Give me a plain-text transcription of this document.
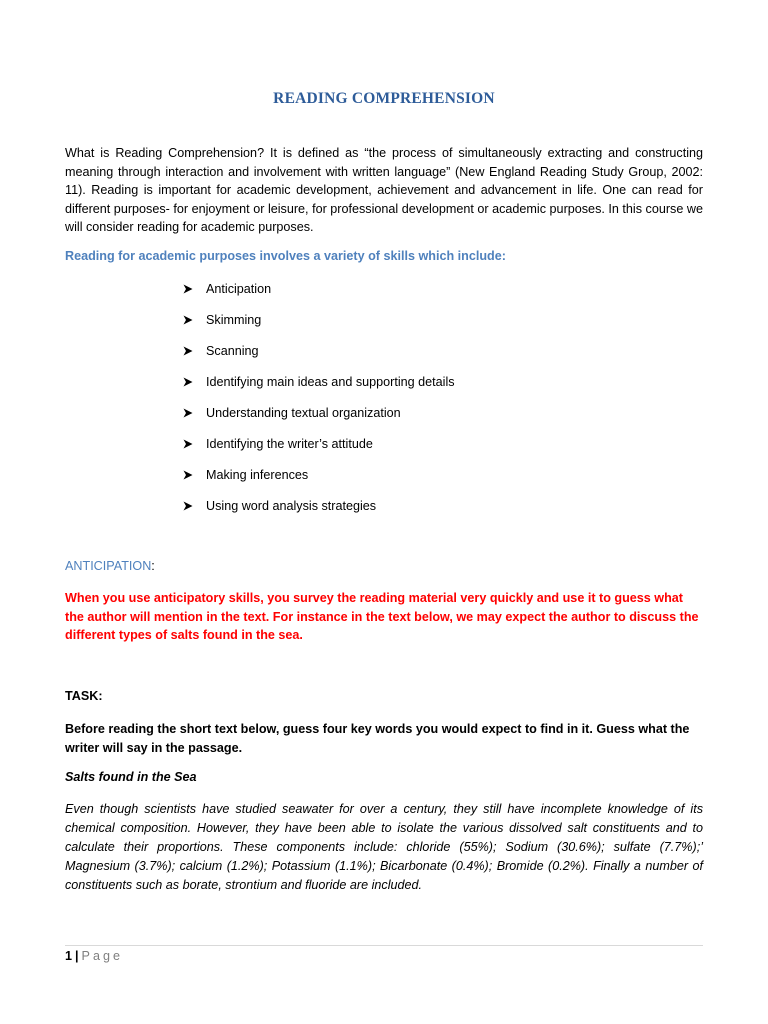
READING COMPREHENSION
What is Reading Comprehension? It is defined as “the process of simultaneously extracting and constructing meaning through interaction and involvement with written language” (New England Reading Study Group, 2002: 11). Reading is important for academic development, achievement and advancement in life. One can read for different purposes- for enjoyment or leisure, for professional development or academic purposes. In this course we will consider reading for academic purposes.
Reading for academic purposes involves a variety of skills which include:
Anticipation
Skimming
Scanning
Identifying main ideas and supporting details
Understanding textual organization
Identifying the writer’s attitude
Making inferences
Using word analysis strategies
ANTICIPATION:
When you use anticipatory skills, you survey the reading material very quickly and use it to guess what the author will mention in the text. For instance in the text below, we may expect the author to discuss the different types of salts found in the sea.
TASK:
Before reading the short text below, guess four key words you would expect to find in it. Guess what the writer will say in the passage.
Salts found in the Sea
Even though scientists have studied seawater for over a century, they still have incomplete knowledge of its chemical composition. However, they have been able to isolate the various dissolved salt constituents and to calculate their proportions. These components include: chloride (55%); Sodium (30.6%); sulfate (7.7%);’ Magnesium (3.7%); calcium (1.2%); Potassium (1.1%); Bicarbonate (0.4%); Bromide (0.2%). Finally a number of constituents such as borate, strontium and fluoride are included.
1 | Page
